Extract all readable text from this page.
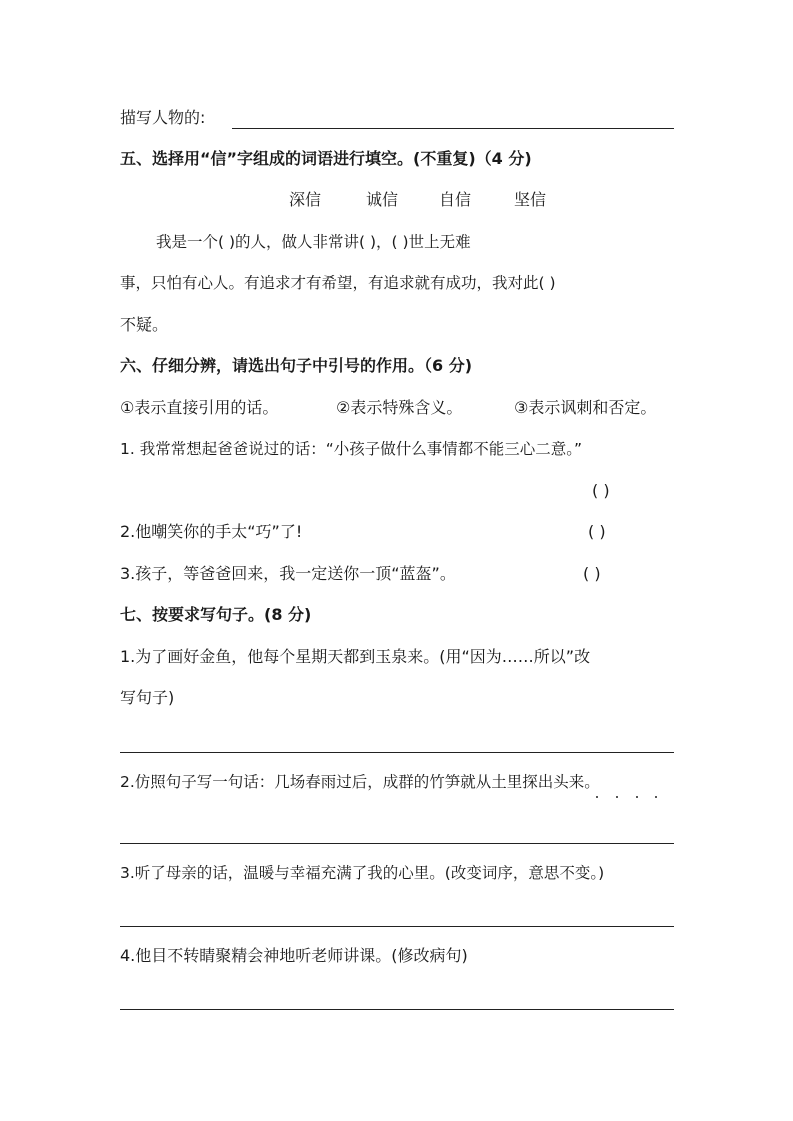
描写人物的:
五、选择用“信”字组成的词语进行填空。(不重复)（4 分)
深信	诚信	自信	坚信
我是一个( )的人，做人非常讲( )，( )世上无难
事，只怕有心人。有追求才有希望，有追求就有成功，我对此( )
不疑。
六、仔细分辨，请选出句子中引号的作用。（6 分)
①表示直接引用的话。	②表示特殊含义。	③表示讽刺和否定。
1. 我常常想起爸爸说过的话：“小孩子做什么事情都不能三心二意。”
( )
2.他嘲笑你的手太“巧”了!	( )
3.孩子，等爸爸回来，我一定送你一顶“蓝盔”。	( )
七、按要求写句子。(8 分)
1.为了画好金鱼，他每个星期天都到玉泉来。(用“因为……所以”改
写句子)
2.仿照句子写一句话：几场春雨过后，成群的竹笋就从土里探出头来。
3.听了母亲的话，温暖与幸福充满了我的心里。(改变词序，意思不变。)
4.他目不转睛聚精会神地听老师讲课。(修改病句)
